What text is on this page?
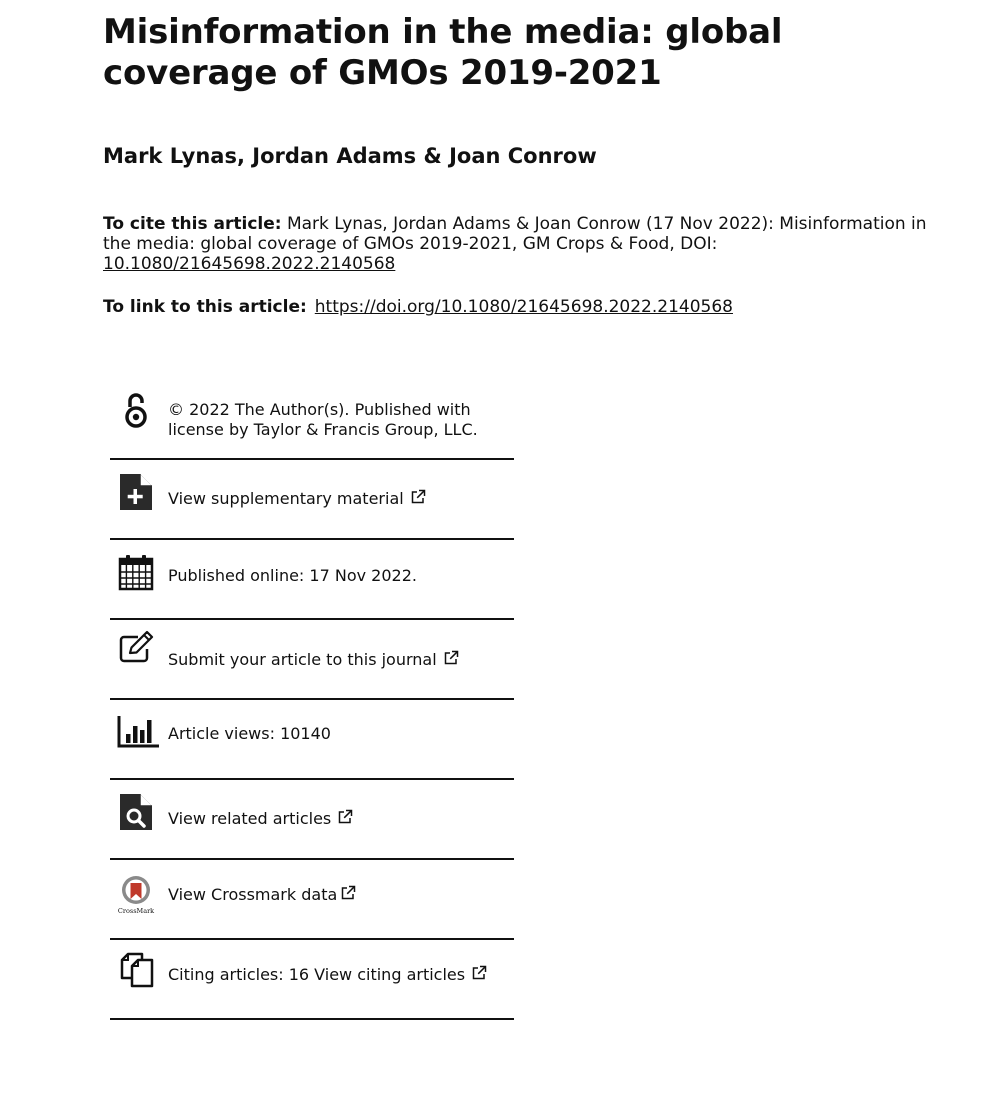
Misinformation in the media: global coverage of GMOs 2019-2021
Mark Lynas, Jordan Adams & Joan Conrow
To cite this article: Mark Lynas, Jordan Adams & Joan Conrow (17 Nov 2022): Misinformation in the media: global coverage of GMOs 2019-2021, GM Crops & Food, DOI: 10.1080/21645698.2022.2140568
To link to this article: https://doi.org/10.1080/21645698.2022.2140568
© 2022 The Author(s). Published with
license by Taylor & Francis Group, LLC.
View supplementary material
Published online: 17 Nov 2022.
Submit your article to this journal
Article views: 10140
View related articles
CrossMark
View Crossmark data
Citing articles: 16 View citing articles
